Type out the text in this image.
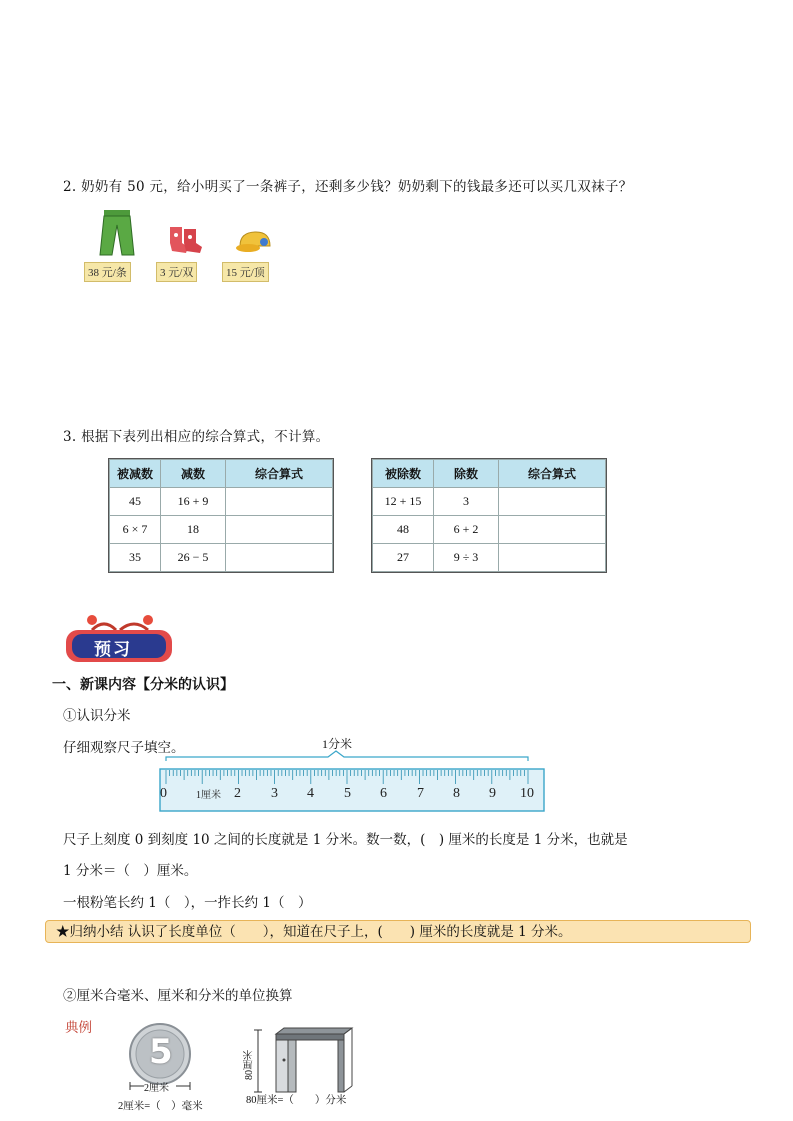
2. 奶奶有 50 元，给小明买了一条裤子，还剩多少钱？奶奶剩下的钱最多还可以买几双袜子？
38 元/条	3 元/双	15 元/顶
3. 根据下表列出相应的综合算式，不计算。
被减数	减数	综合算式
45	16 + 9	
6 × 7	18	
35	26 − 5	
被除数	除数	综合算式
12 + 15	3	
48	6 + 2	
27	9 ÷ 3	
预习
一、新课内容【分米的认识】
①认识分米
仔细观察尺子填空。	1分米
0	1厘米 2 3 4 5 6 7 8 9 10
尺子上刻度 0 到刻度 10 之间的长度就是 1 分米。数一数，(　) 厘米的长度是 1 分米，也就是
1 分米＝（　）厘米。
一根粉笔长约 1（　），一拃长约 1（　）
★归纳小结 认识了长度单位（　　），知道在尺子上，(　　) 厘米的长度就是 1 分米。
②厘米合毫米、厘米和分米的单位换算
典例
5
2厘米
2厘米=（　）毫米
80厘米
80厘米=（　　）分米
